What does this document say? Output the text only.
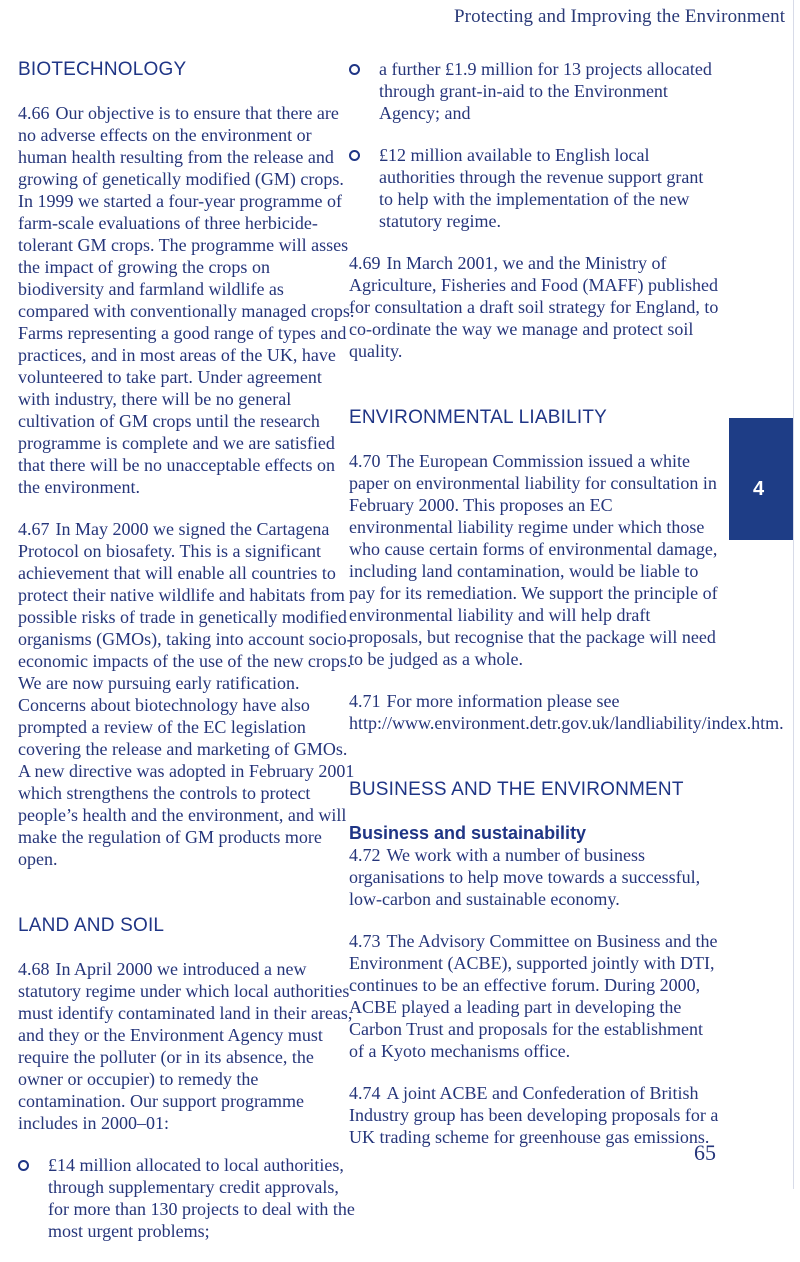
Protecting and Improving the Environment
BIOTECHNOLOGY

4.66 Our objective is to ensure that there are no adverse effects on the environment or human health resulting from the release and growing of genetically modified (GM) crops. In 1999 we started a four-year programme of farm-scale evaluations of three herbicide-tolerant GM crops. The programme will asses the impact of growing the crops on biodiversity and farmland wildlife as compared with conventionally managed crops. Farms representing a good range of types and practices, and in most areas of the UK, have volunteered to take part. Under agreement with industry, there will be no general cultivation of GM crops until the research programme is complete and we are satisfied that there will be no unacceptable effects on the environment.

4.67 In May 2000 we signed the Cartagena Protocol on biosafety. This is a significant achievement that will enable all countries to protect their native wildlife and habitats from possible risks of trade in genetically modified organisms (GMOs), taking into account socio-economic impacts of the use of the new crops. We are now pursuing early ratification. Concerns about biotechnology have also prompted a review of the EC legislation covering the release and marketing of GMOs. A new directive was adopted in February 2001 which strengthens the controls to protect people’s health and the environment, and will make the regulation of GM products more open.

LAND AND SOIL

4.68 In April 2000 we introduced a new statutory regime under which local authorities must identify contaminated land in their areas, and they or the Environment Agency must require the polluter (or in its absence, the owner or occupier) to remedy the contamination. Our support programme includes in 2000–01:

£14 million allocated to local authorities, through supplementary credit approvals, for more than 130 projects to deal with the most urgent problems;
a further £1.9 million for 13 projects allocated through grant-in-aid to the Environment Agency; and
£12 million available to English local authorities through the revenue support grant to help with the implementation of the new statutory regime.

4.69 In March 2001, we and the Ministry of Agriculture, Fisheries and Food (MAFF) published for consultation a draft soil strategy for England, to co-ordinate the way we manage and protect soil quality.

ENVIRONMENTAL LIABILITY

4.70 The European Commission issued a white paper on environmental liability for consultation in February 2000. This proposes an EC environmental liability regime under which those who cause certain forms of environmental damage, including land contamination, would be liable to pay for its remediation. We support the principle of environmental liability and will help draft proposals, but recognise that the package will need to be judged as a whole.

4.71 For more information please see http://www.environment.detr.gov.uk/landliability/index.htm.

BUSINESS AND THE ENVIRONMENT
Business and sustainability

4.72 We work with a number of business organisations to help move towards a successful, low-carbon and sustainable economy.

4.73 The Advisory Committee on Business and the Environment (ACBE), supported jointly with DTI, continues to be an effective forum. During 2000, ACBE played a leading part in developing the Carbon Trust and proposals for the establishment of a Kyoto mechanisms office.

4.74 A joint ACBE and Confederation of British Industry group has been developing proposals for a UK trading scheme for greenhouse gas emissions.

4
65
